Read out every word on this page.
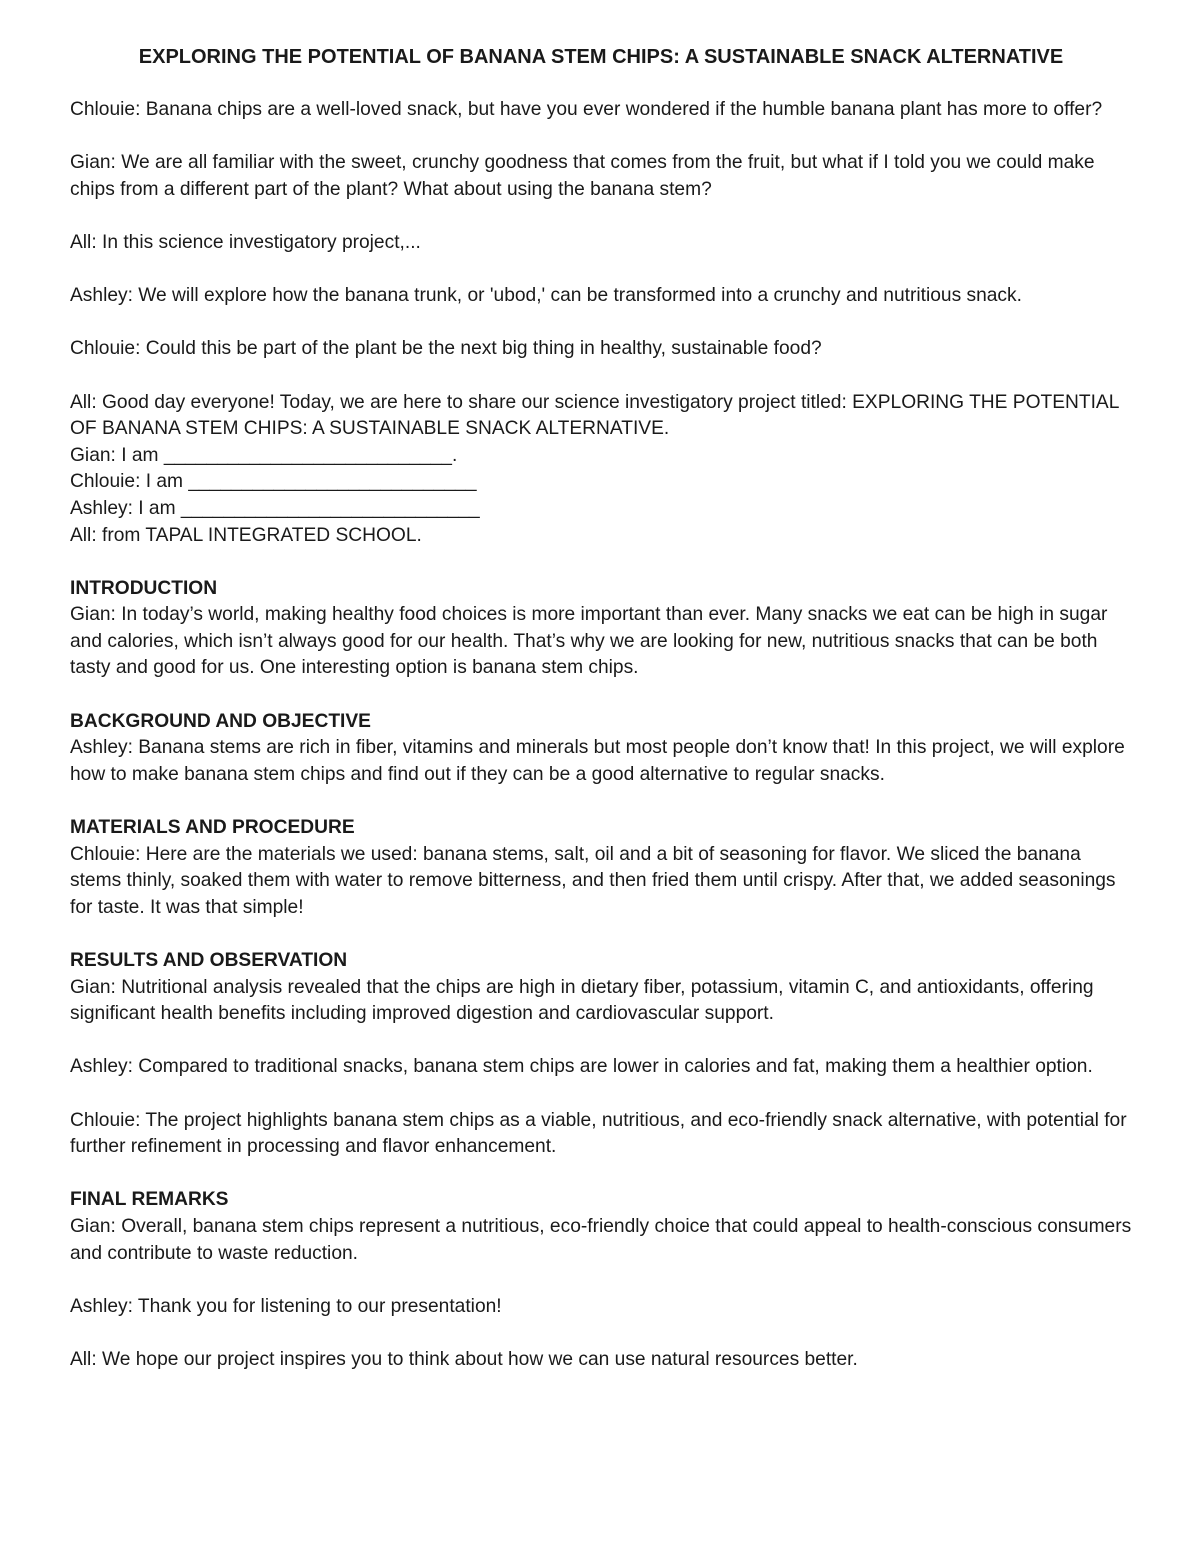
EXPLORING THE POTENTIAL OF BANANA STEM CHIPS: A SUSTAINABLE SNACK ALTERNATIVE

Chlouie: Banana chips are a well-loved snack, but have you ever wondered if the humble banana plant has more to offer?

Gian: We are all familiar with the sweet, crunchy goodness that comes from the fruit, but what if I told you we could make chips from a different part of the plant? What about using the banana stem?

All: In this science investigatory project,...

Ashley: We will explore how the banana trunk, or 'ubod,' can be transformed into a crunchy and nutritious snack.

Chlouie: Could this be part of the plant be the next big thing in healthy, sustainable food?

All: Good day everyone! Today, we are here to share our science investigatory project titled: EXPLORING THE POTENTIAL OF BANANA STEM CHIPS: A SUSTAINABLE SNACK ALTERNATIVE.

Gian: I am ___________________________.

Chlouie: I am ___________________________

Ashley: I am ____________________________

All: from TAPAL INTEGRATED SCHOOL.

INTRODUCTION

Gian: In today’s world, making healthy food choices is more important than ever. Many snacks we eat can be high in sugar and calories, which isn’t always good for our health. That’s why we are looking for new, nutritious snacks that can be both tasty and good for us. One interesting option is banana stem chips.

BACKGROUND AND OBJECTIVE

Ashley: Banana stems are rich in fiber, vitamins and minerals but most people don’t know that! In this project, we will explore how to make banana stem chips and find out if they can be a good alternative to regular snacks.

MATERIALS AND PROCEDURE

Chlouie: Here are the materials we used: banana stems, salt, oil and a bit of seasoning for flavor. We sliced the banana stems thinly, soaked them with water to remove bitterness, and then fried them until crispy. After that, we added seasonings for taste. It was that simple!

RESULTS AND OBSERVATION

Gian: Nutritional analysis revealed that the chips are high in dietary fiber, potassium, vitamin C, and antioxidants, offering significant health benefits including improved digestion and cardiovascular support.

Ashley: Compared to traditional snacks, banana stem chips are lower in calories and fat, making them a healthier option.

Chlouie: The project highlights banana stem chips as a viable, nutritious, and eco-friendly snack alternative, with potential for further refinement in processing and flavor enhancement.

FINAL REMARKS

Gian: Overall, banana stem chips represent a nutritious, eco-friendly choice that could appeal to health-conscious consumers and contribute to waste reduction.

Ashley: Thank you for listening to our presentation!

All: We hope our project inspires you to think about how we can use natural resources better.
